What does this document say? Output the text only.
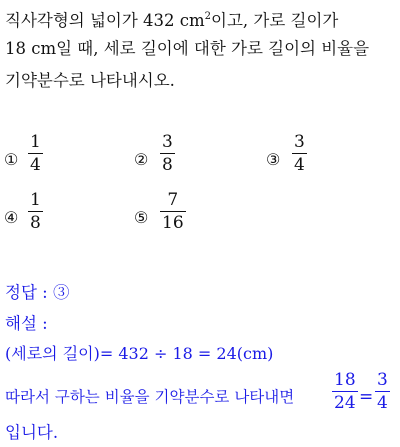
직사각형의 넓이가 432 $cm^2$이고, 가로 길이가
18 cm일 때, 세로 길이에 대한 가로 길이의 비율을
기약분수로 나타내시오.
①
1
4	②
3
8	③
3
4
④
1
8	⑤
7
16
정답 : ③
해설 :
(세로의 길이)= 432 ÷ 18 = 24(cm)
따라서 구하는 비율을 기약분수로 나타내면
18
24 =
3
4
입니다.
